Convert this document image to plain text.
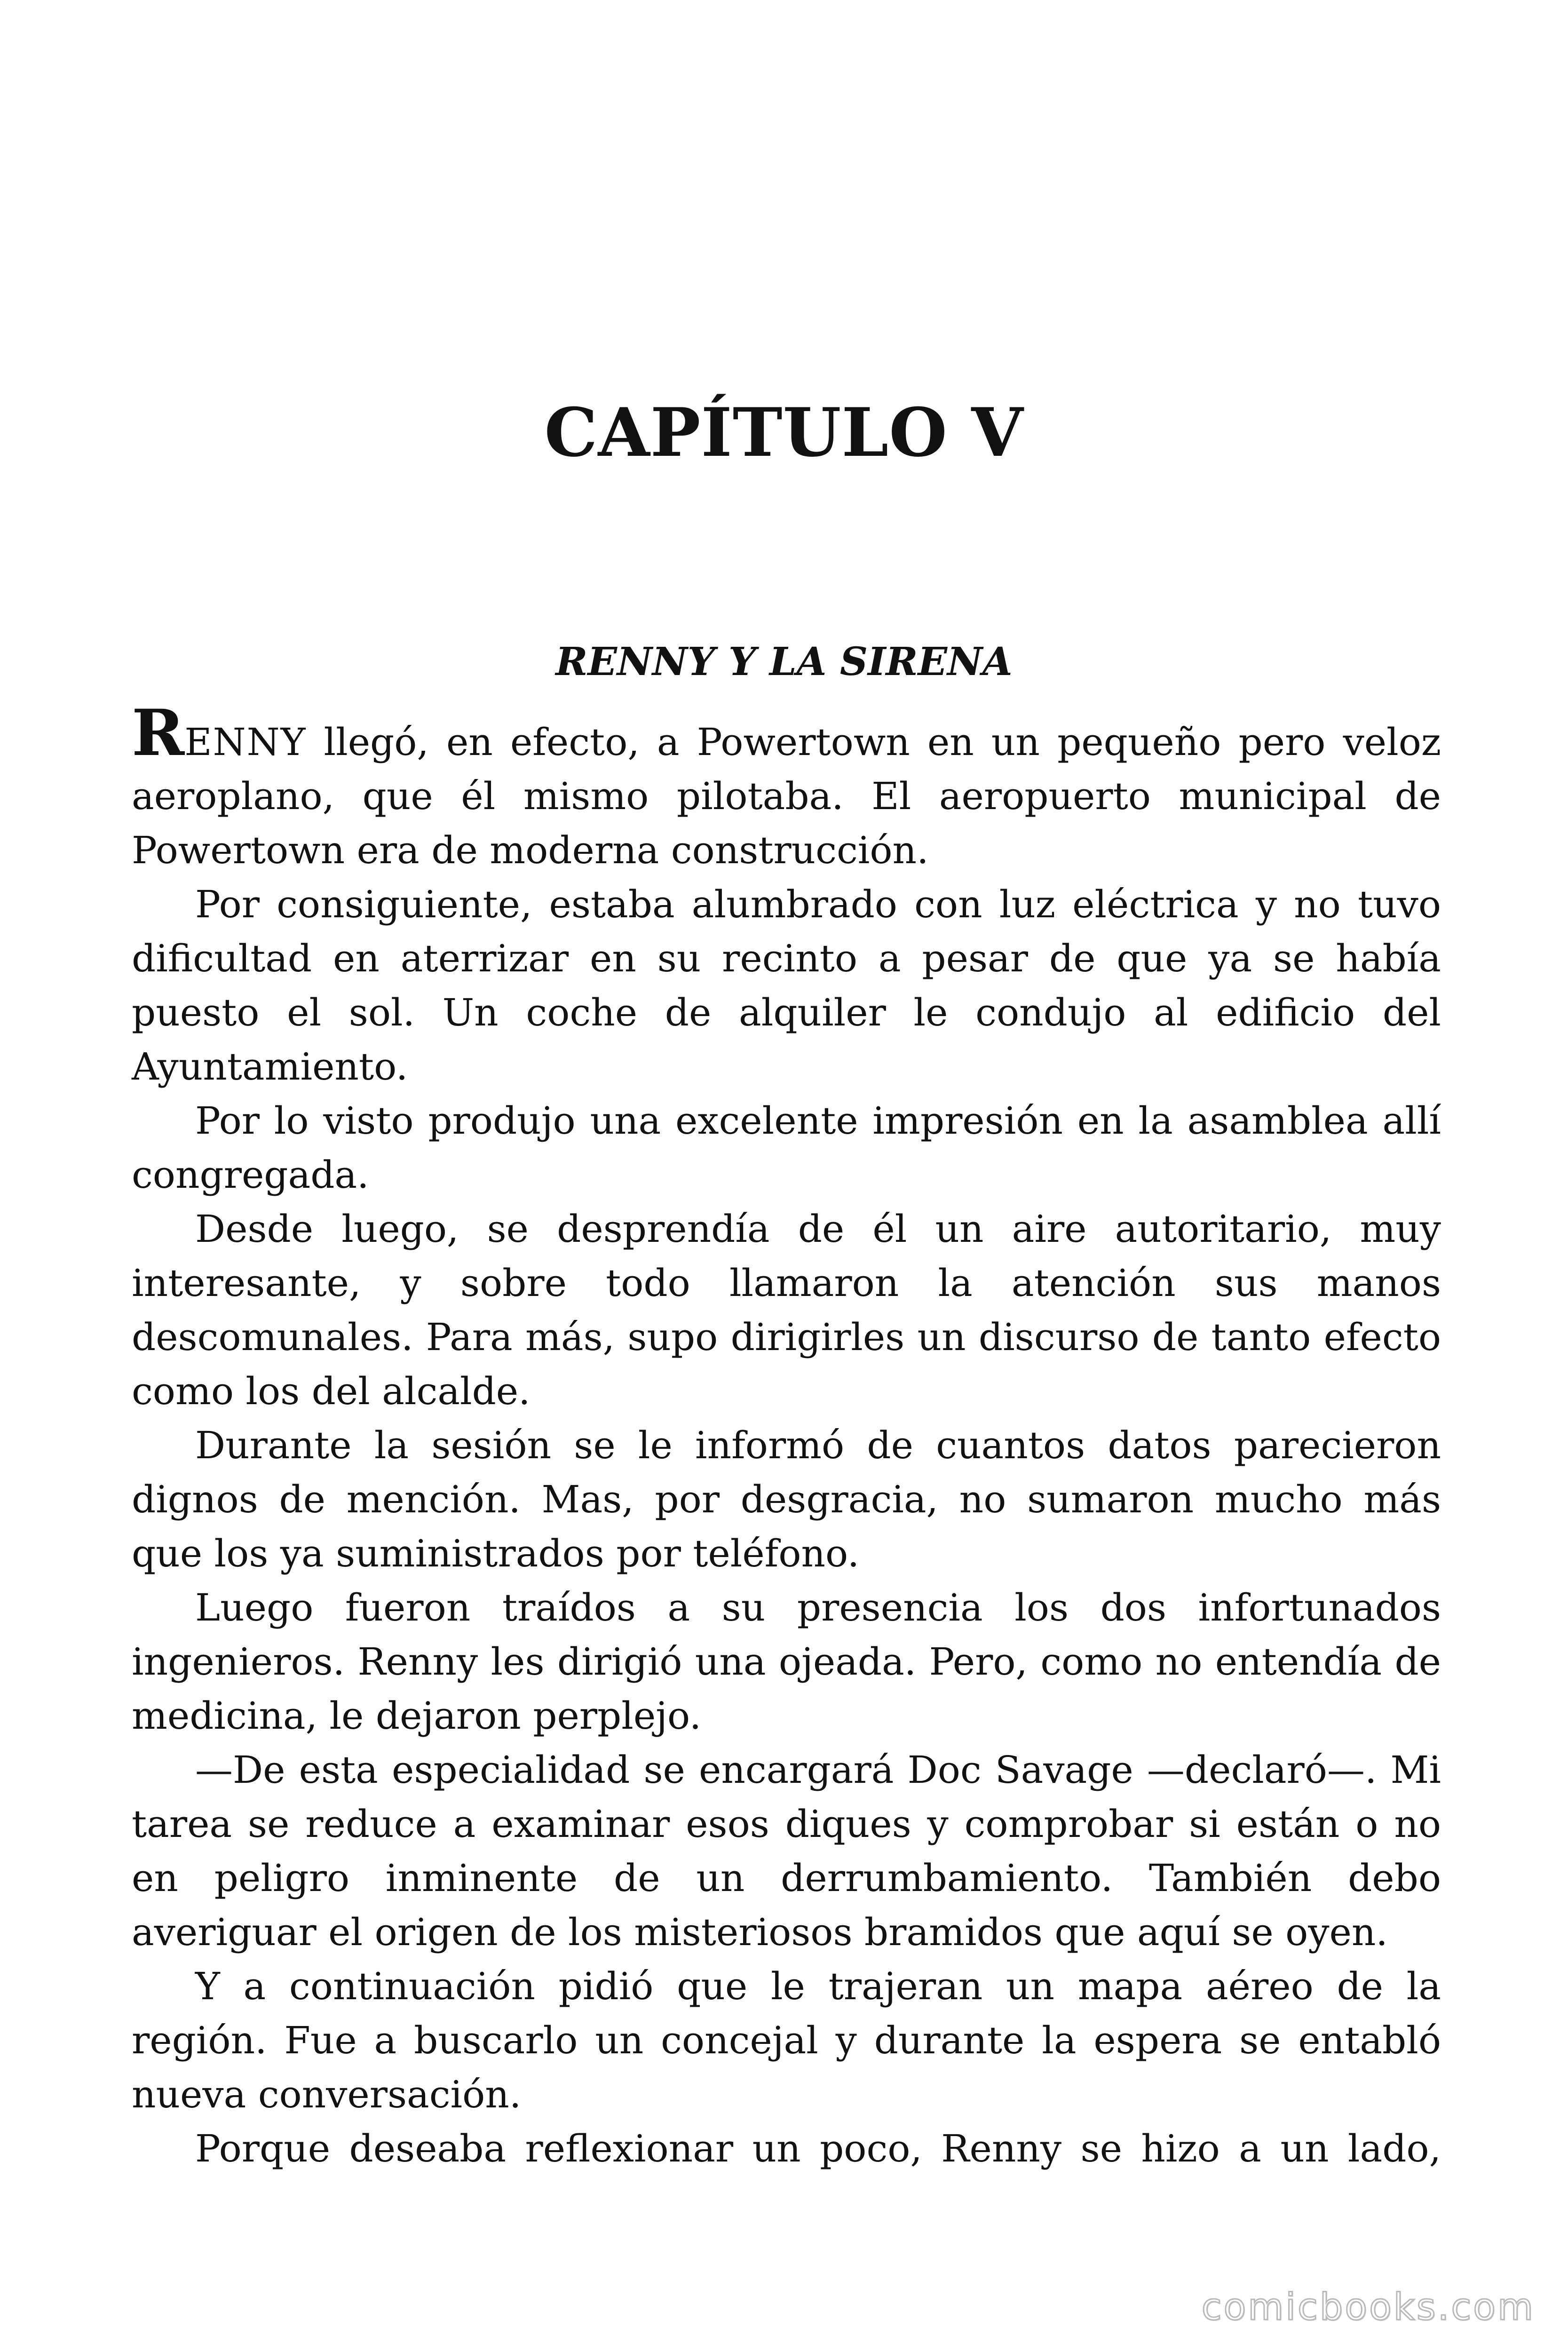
CAPÍTULO V
RENNY Y LA SIRENA

RENNY llegó, en efecto, a Powertown en un pequeño pero veloz aeroplano, que él mismo pilotaba. El aeropuerto municipal de Powertown era de moderna construcción.

Por consiguiente, estaba alumbrado con luz eléctrica y no tuvo dificultad en aterrizar en su recinto a pesar de que ya se había puesto el sol. Un coche de alquiler le condujo al edificio del Ayuntamiento.

Por lo visto produjo una excelente impresión en la asamblea allí congregada.

Desde luego, se desprendía de él un aire autoritario, muy interesante, y sobre todo llamaron la atención sus manos descomunales. Para más, supo dirigirles un discurso de tanto efecto como los del alcalde.

Durante la sesión se le informó de cuantos datos parecieron dignos de mención. Mas, por desgracia, no sumaron mucho más que los ya suministrados por teléfono.

Luego fueron traídos a su presencia los dos infortunados ingenieros. Renny les dirigió una ojeada. Pero, como no entendía de medicina, le dejaron perplejo.

—De esta especialidad se encargará Doc Savage —declaró—. Mi tarea se reduce a examinar esos diques y comprobar si están o no en peligro inminente de un derrumbamiento. También debo averiguar el origen de los misteriosos bramidos que aquí se oyen.

Y a continuación pidió que le trajeran un mapa aéreo de la región. Fue a buscarlo un concejal y durante la espera se entabló nueva conversación.

Porque deseaba reflexionar un poco, Renny se hizo a un lado,

comicbooks.com
